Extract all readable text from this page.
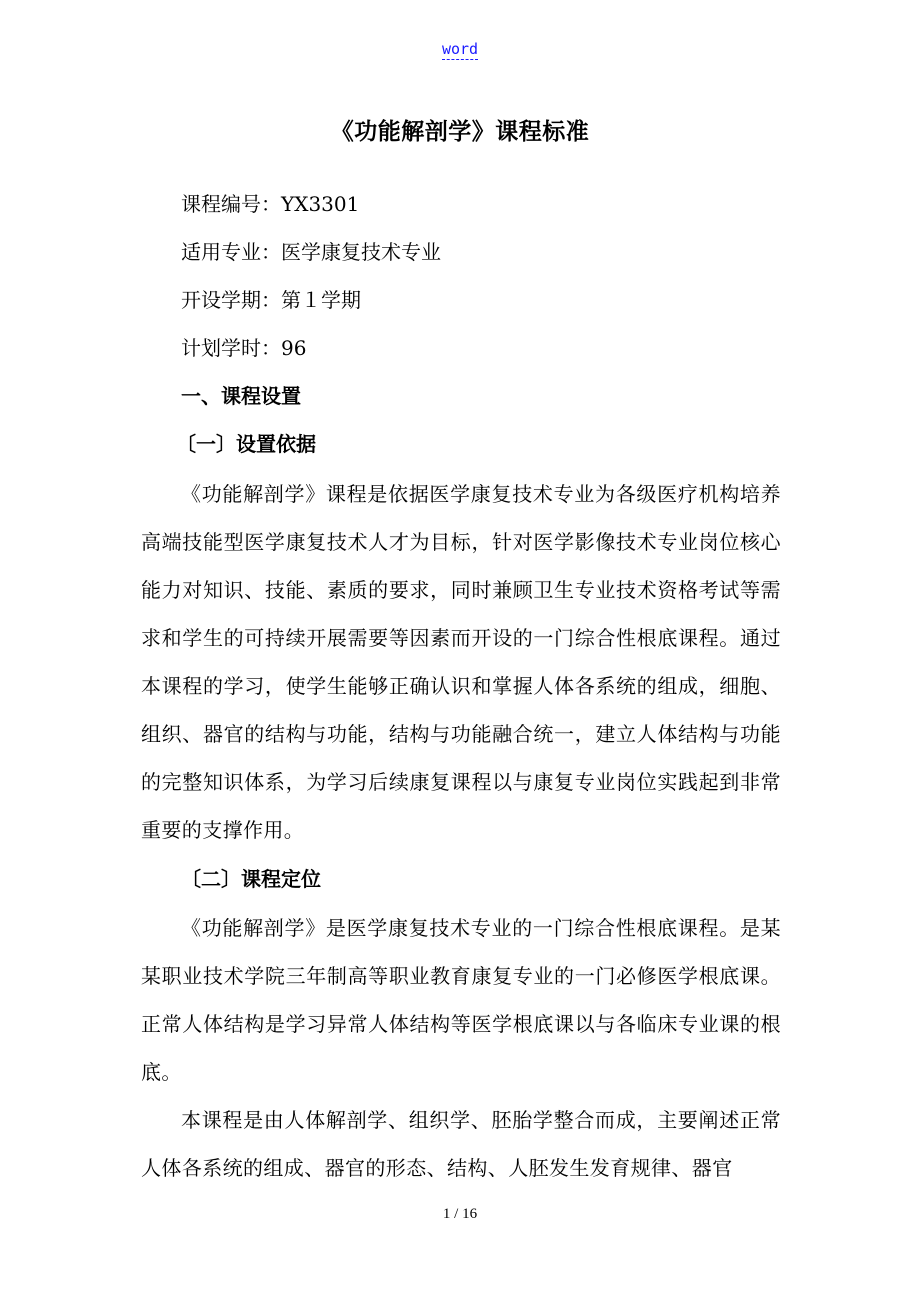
word
《功能解剖学》课程标准
课程编号：YX3301
适用专业：医学康复技术专业
开设学期：第１学期
计划学时：96
一、课程设置
〔一〕设置依据
《功能解剖学》课程是依据医学康复技术专业为各级医疗机构培养高端技能型医学康复技术人才为目标，针对医学影像技术专业岗位核心能力对知识、技能、素质的要求，同时兼顾卫生专业技术资格考试等需求和学生的可持续开展需要等因素而开设的一门综合性根底课程。通过本课程的学习，使学生能够正确认识和掌握人体各系统的组成，细胞、组织、器官的结构与功能，结构与功能融合统一，建立人体结构与功能的完整知识体系，为学习后续康复课程以与康复专业岗位实践起到非常重要的支撑作用。
〔二〕课程定位
《功能解剖学》是医学康复技术专业的一门综合性根底课程。是某某职业技术学院三年制高等职业教育康复专业的一门必修医学根底课。正常人体结构是学习异常人体结构等医学根底课以与各临床专业课的根底。
本课程是由人体解剖学、组织学、胚胎学整合而成，主要阐述正常人体各系统的组成、器官的形态、结构、人胚发生发育规律、器官
1 / 16
